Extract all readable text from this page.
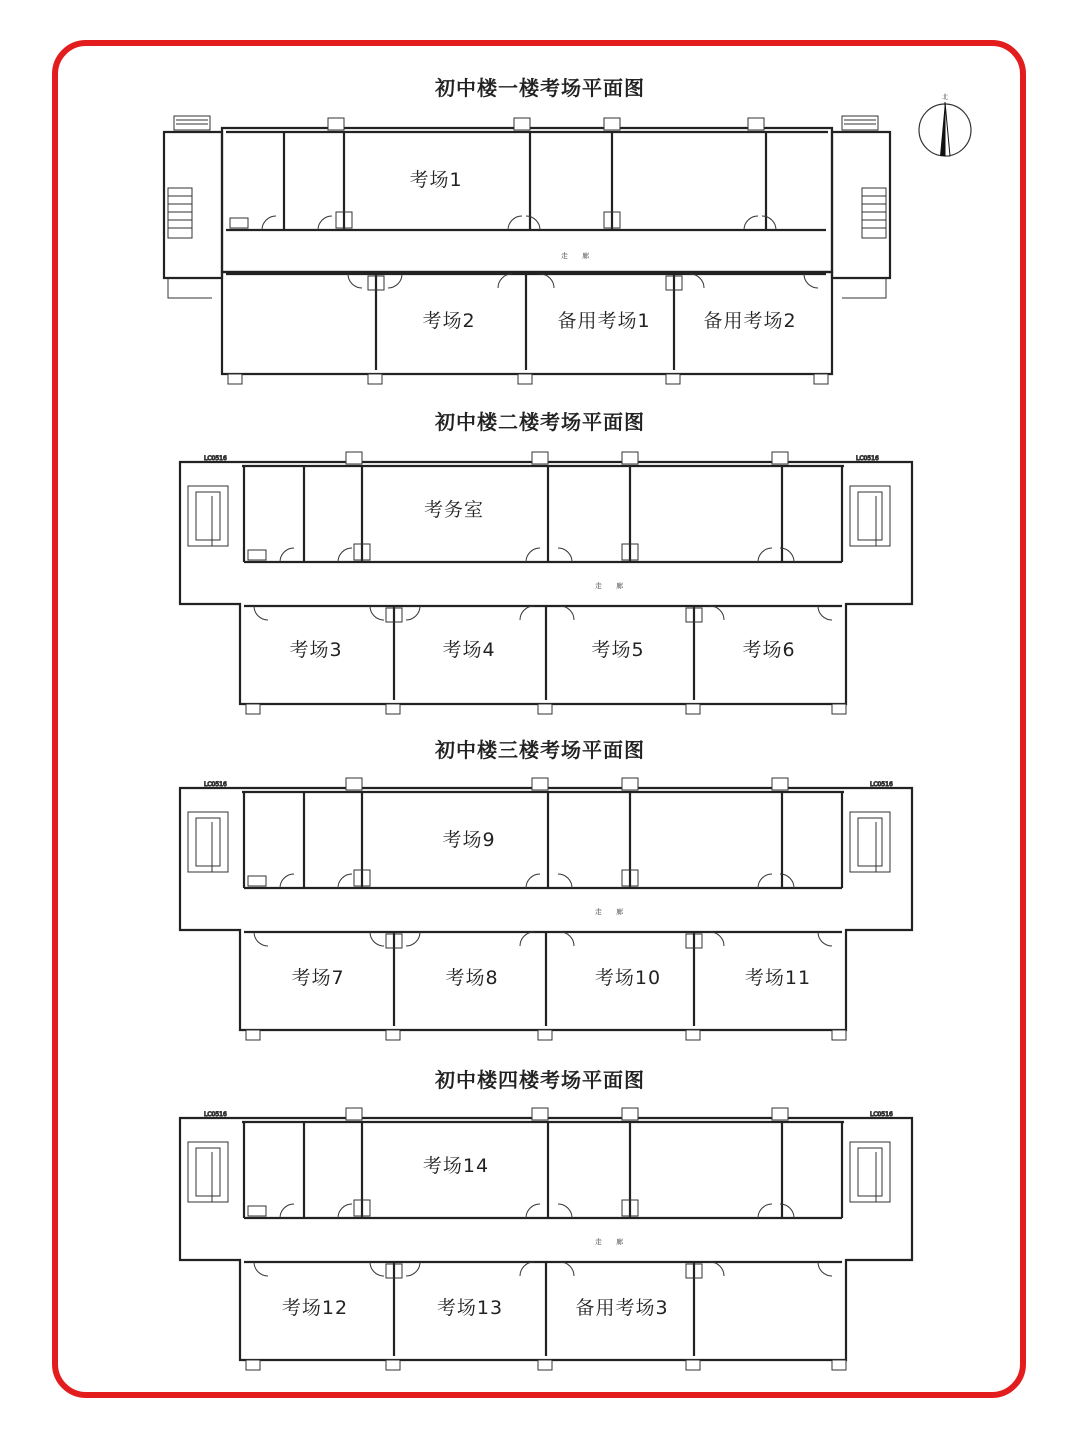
北
初中楼一楼考场平面图
走 廊
考场1
考场2	备用考场1	备用考场2
初中楼二楼考场平面图
LC0516	LC0516
走 廊
考务室
考场3	考场4	考场5	考场6
初中楼三楼考场平面图
LC0516	LC0516
走 廊
考场9
考场7	考场8	考场10	考场11
初中楼四楼考场平面图
LC0516	LC0516
走 廊
考场14
考场12	考场13	备用考场3
